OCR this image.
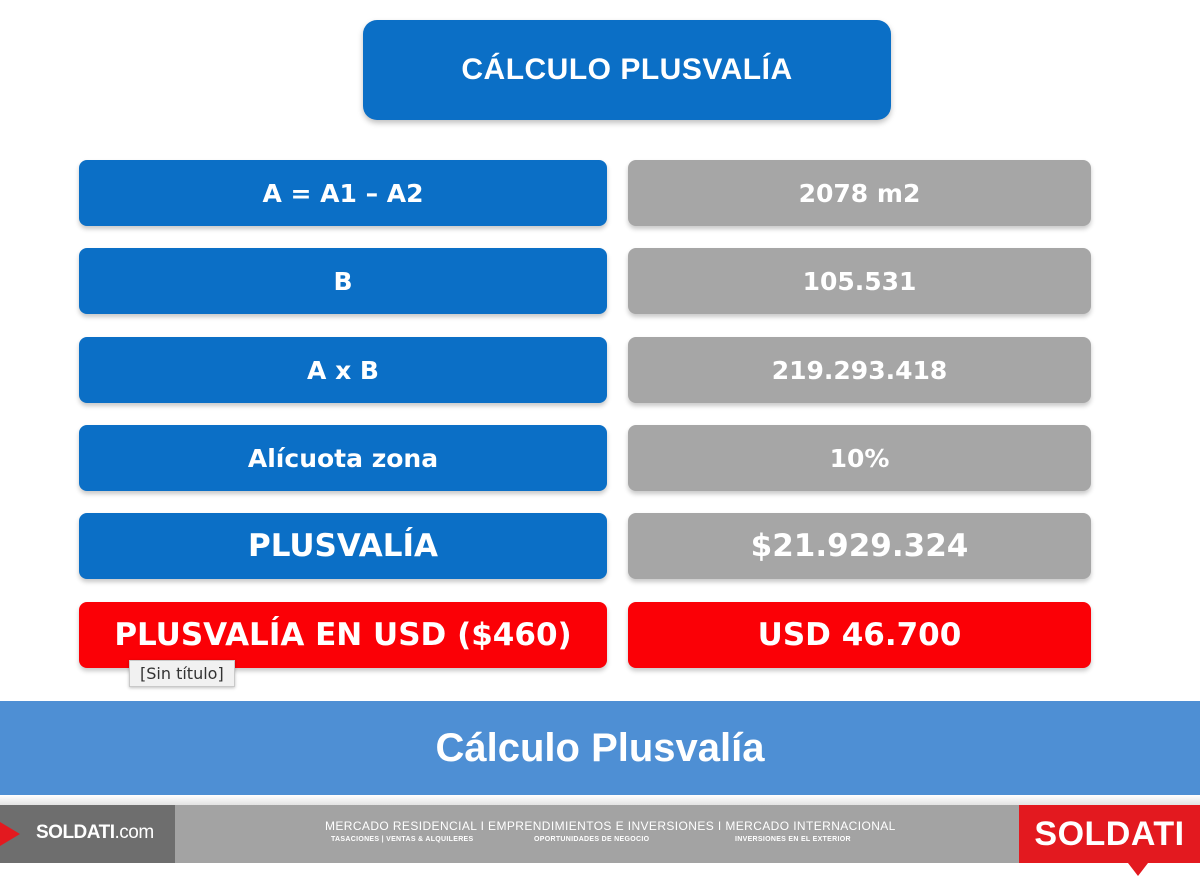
CÁLCULO PLUSVALÍA
A = A1 – A2	2078 m2
B	105.531
A x B	219.293.418
Alícuota zona	10%
PLUSVALÍA	$21.929.324
PLUSVALÍA EN USD ($460)	USD 46.700
[Sin título]
Cálculo Plusvalía
SOLDATI.com	MERCADO RESIDENCIAL I EMPRENDIMIENTOS E INVERSIONES I MERCADO INTERNACIONAL
TASACIONES | VENTAS & ALQUILERES	OPORTUNIDADES DE NEGOCIO	INVERSIONES EN EL EXTERIOR	SOLDATI
